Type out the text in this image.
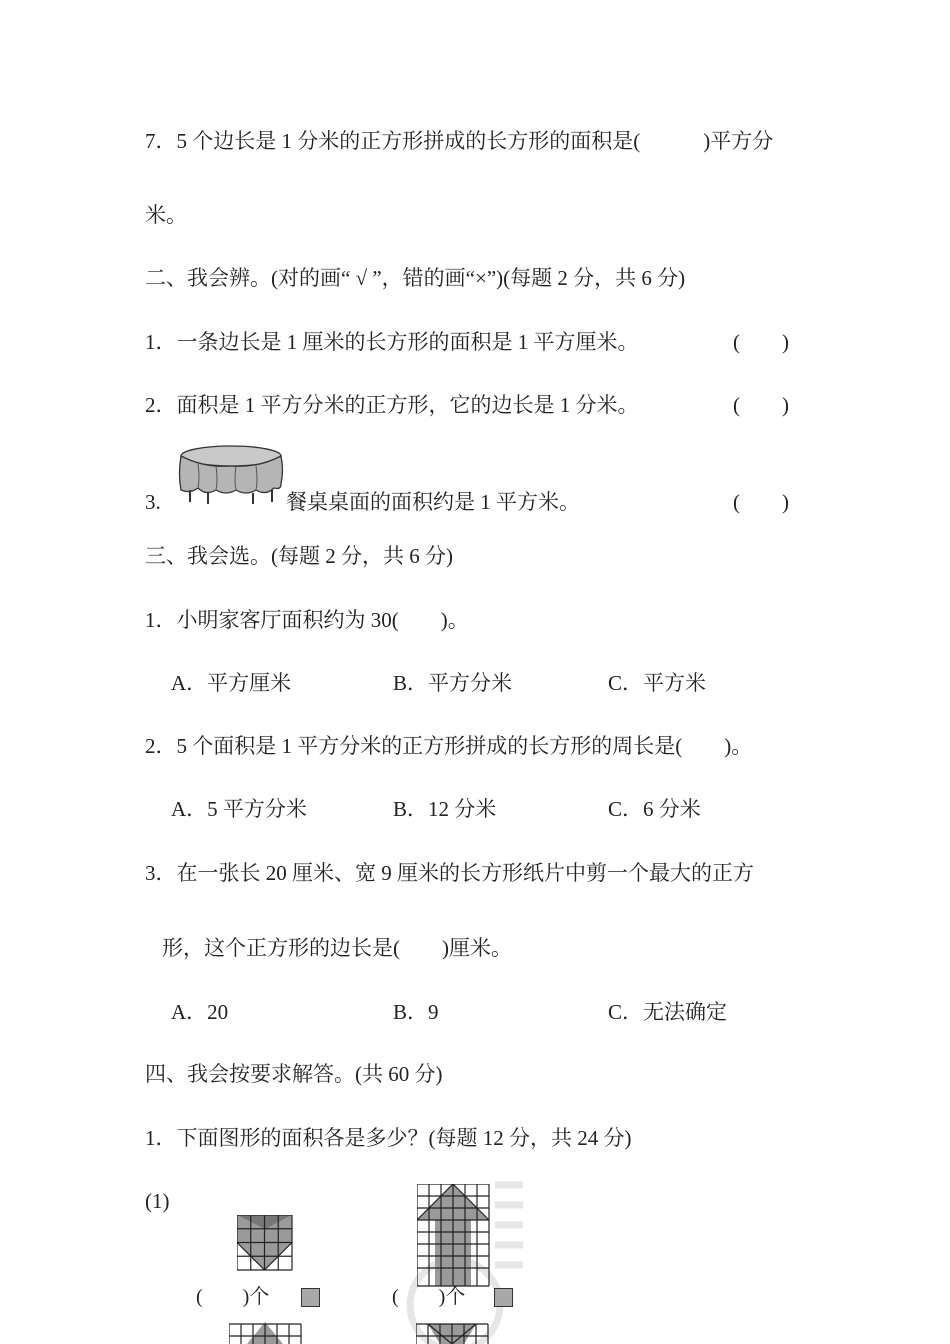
7．5 个边长是 1 分米的正方形拼成的长方形的面积是(　　　)平方分
米。
二、我会辨。(对的画“ √ ”，错的画“×”)(每题 2 分，共 6 分)
1．一条边长是 1 厘米的长方形的面积是 1 平方厘米。	(　　)
2．面积是 1 平方分米的正方形，它的边长是 1 分米。	(　　)
3.	餐桌桌面的面积约是 1 平方米。	(　　)
三、我会选。(每题 2 分，共 6 分)
1．小明家客厅面积约为 30(　　)。
A．平方厘米	B．平方分米	C．平方米
2．5 个面积是 1 平方分米的正方形拼成的长方形的周长是(　　)。
A．5 平方分米	B．12 分米	C．6 分米
3．在一张长 20 厘米、宽 9 厘米的长方形纸片中剪一个最大的正方
形，这个正方形的边长是(　　)厘米。
A．20	B．9	C．无法确定
四、我会按要求解答。(共 60 分)
1．下面图形的面积各是多少？(每题 12 分，共 24 分)
(1)
(　　)个	(　　)个
